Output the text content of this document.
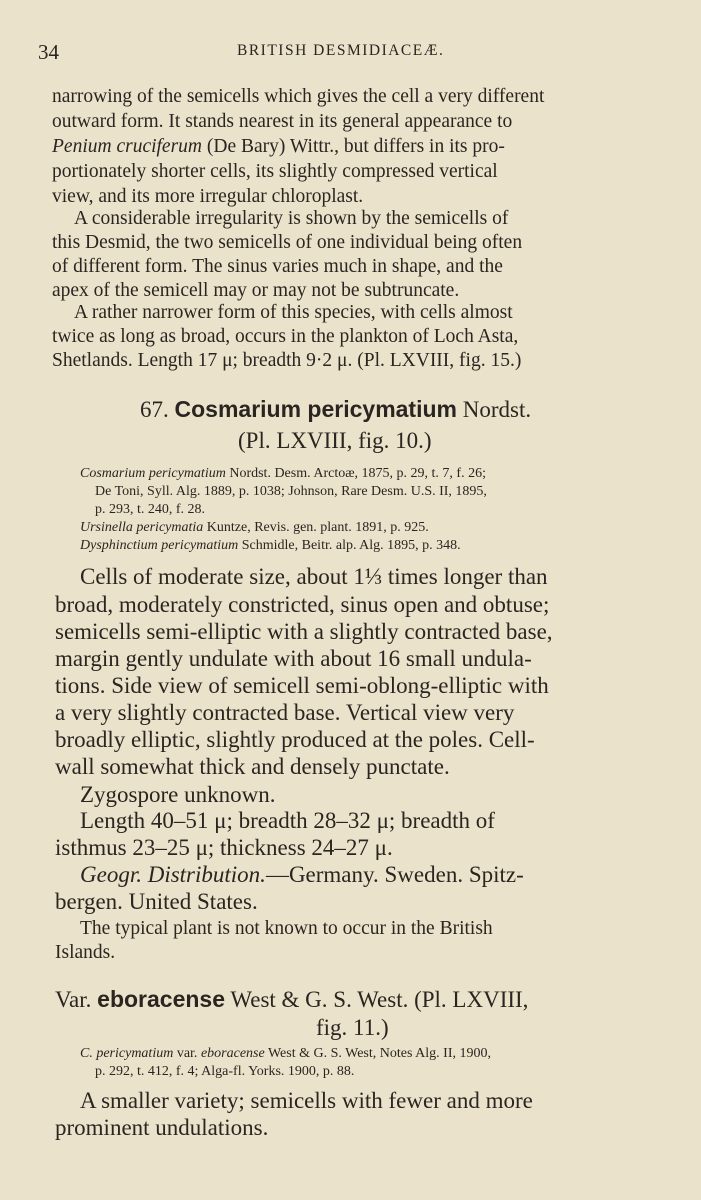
34	BRITISH DESMIDIACEÆ.
narrowing of the semicells which gives the cell a very different
outward form. It stands nearest in its general appearance to
Penium cruciferum (De Bary) Wittr., but differs in its pro-
portionately shorter cells, its slightly compressed vertical
view, and its more irregular chloroplast.
A considerable irregularity is shown by the semicells of
this Desmid, the two semicells of one individual being often
of different form. The sinus varies much in shape, and the
apex of the semicell may or may not be subtruncate.
A rather narrower form of this species, with cells almost
twice as long as broad, occurs in the plankton of Loch Asta,
Shetlands. Length 17 μ; breadth 9·2 μ. (Pl. LXVIII, fig. 15.)
67. Cosmarium pericymatium Nordst.
(Pl. LXVIII, fig. 10.)
Cosmarium pericymatium Nordst. Desm. Arctoæ, 1875, p. 29, t. 7, f. 26;
De Toni, Syll. Alg. 1889, p. 1038; Johnson, Rare Desm. U.S. II, 1895,
p. 293, t. 240, f. 28.
Ursinella pericymatia Kuntze, Revis. gen. plant. 1891, p. 925.
Dysphinctium pericymatium Schmidle, Beitr. alp. Alg. 1895, p. 348.
Cells of moderate size, about 1⅓ times longer than
broad, moderately constricted, sinus open and obtuse;
semicells semi-elliptic with a slightly contracted base,
margin gently undulate with about 16 small undula-
tions. Side view of semicell semi-oblong-elliptic with
a very slightly contracted base. Vertical view very
broadly elliptic, slightly produced at the poles. Cell-
wall somewhat thick and densely punctate.
Zygospore unknown.
Length 40–51 μ; breadth 28–32 μ; breadth of
isthmus 23–25 μ; thickness 24–27 μ.
Geogr. Distribution.—Germany. Sweden. Spitz-
bergen. United States.
The typical plant is not known to occur in the British
Islands.
Var. eboracense West & G. S. West. (Pl. LXVIII,
fig. 11.)
C. pericymatium var. eboracense West & G. S. West, Notes Alg. II, 1900,
p. 292, t. 412, f. 4; Alga-fl. Yorks. 1900, p. 88.
A smaller variety; semicells with fewer and more
prominent undulations.
